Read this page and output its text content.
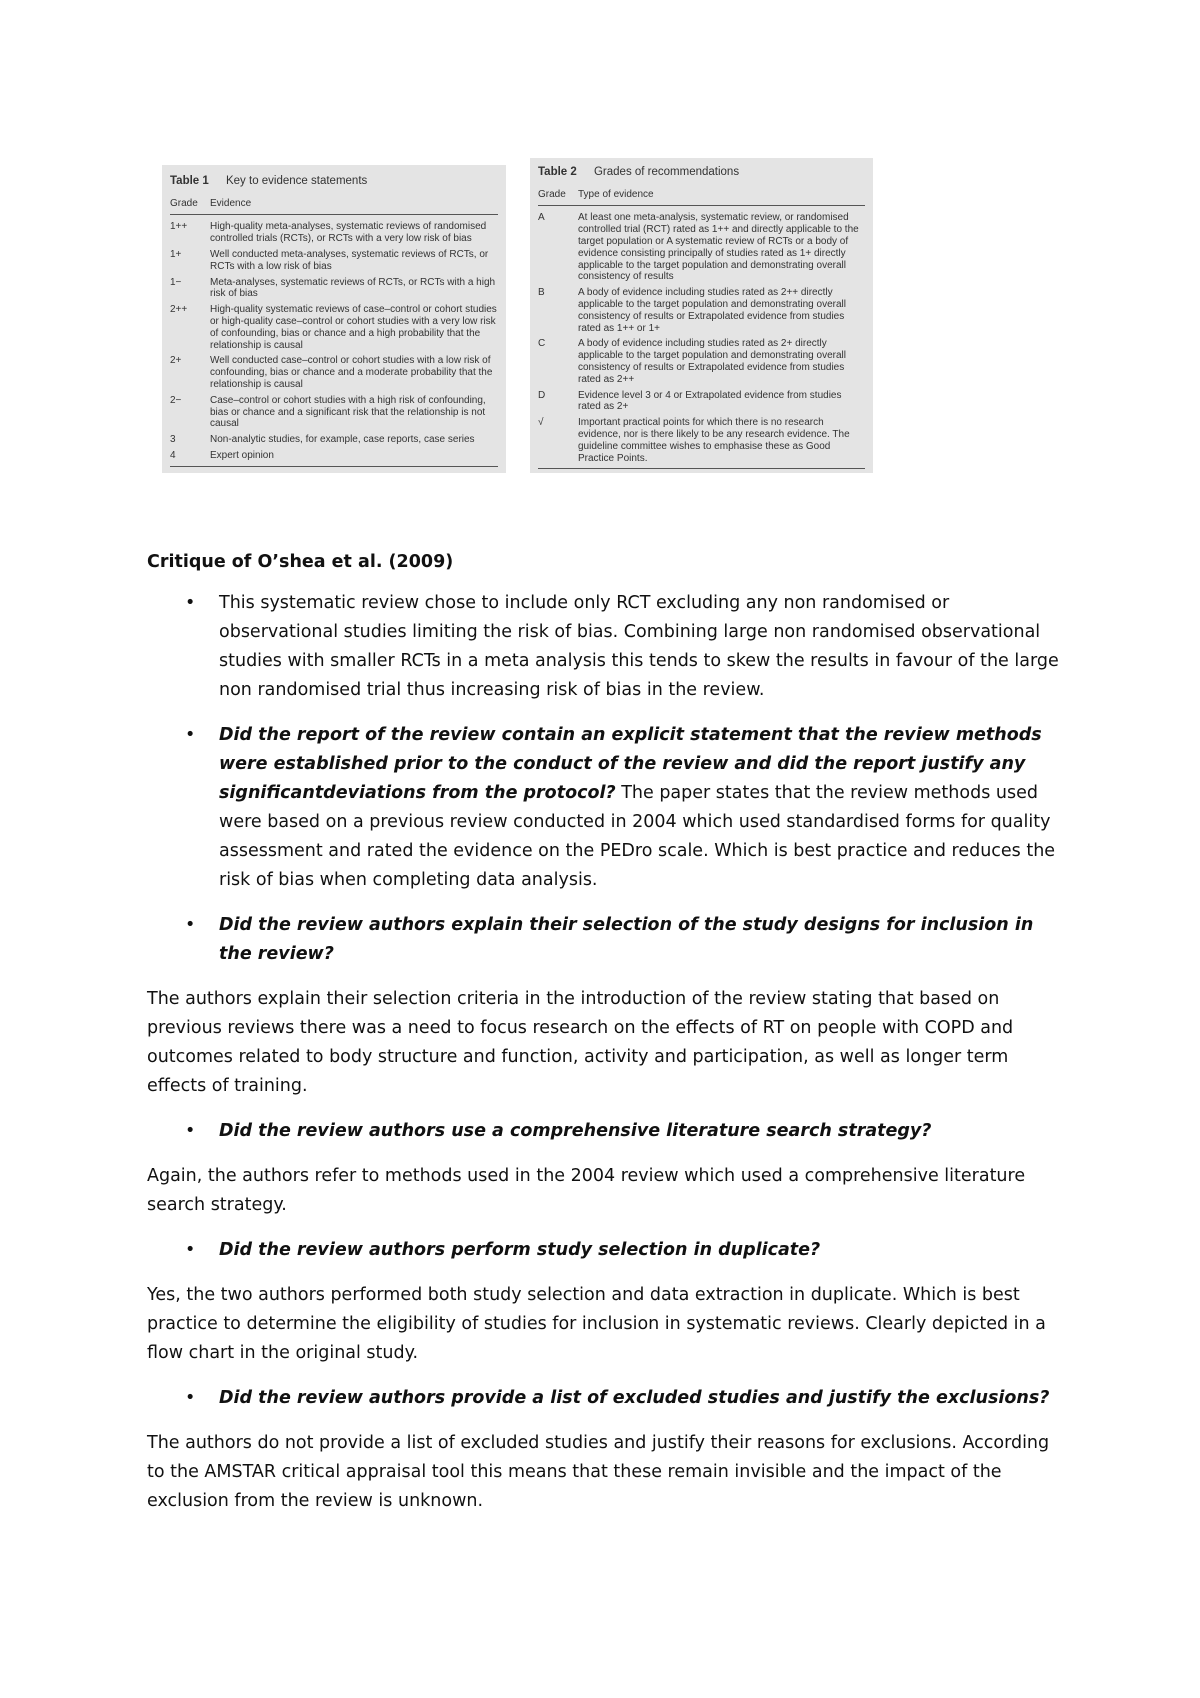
Table 1 Key to evidence statements
Grade	Evidence
1++	High-quality meta-analyses, systematic reviews of randomised controlled trials (RCTs), or RCTs with a very low risk of bias
1+	Well conducted meta-analyses, systematic reviews of RCTs, or RCTs with a low risk of bias
1−	Meta-analyses, systematic reviews of RCTs, or RCTs with a high risk of bias
2++	High-quality systematic reviews of case–control or cohort studies or high-quality case–control or cohort studies with a very low risk of confounding, bias or chance and a high probability that the relationship is causal
2+	Well conducted case–control or cohort studies with a low risk of confounding, bias or chance and a moderate probability that the relationship is causal
2−	Case–control or cohort studies with a high risk of confounding, bias or chance and a significant risk that the relationship is not causal
3	Non-analytic studies, for example, case reports, case series
4	Expert opinion
Table 2 Grades of recommendations
Grade	Type of evidence
A	At least one meta-analysis, systematic review, or randomised controlled trial (RCT) rated as 1++ and directly applicable to the target population or A systematic review of RCTs or a body of evidence consisting principally of studies rated as 1+ directly applicable to the target population and demonstrating overall consistency of results
B	A body of evidence including studies rated as 2++ directly applicable to the target population and demonstrating overall consistency of results or Extrapolated evidence from studies rated as 1++ or 1+
C	A body of evidence including studies rated as 2+ directly applicable to the target population and demonstrating overall consistency of results or Extrapolated evidence from studies rated as 2++
D	Evidence level 3 or 4 or Extrapolated evidence from studies rated as 2+
√	Important practical points for which there is no research evidence, nor is there likely to be any research evidence. The guideline committee wishes to emphasise these as Good Practice Points.

Critique of O’shea et al. (2009)

• This systematic review chose to include only RCT excluding any non randomised or observational studies limiting the risk of bias. Combining large non randomised observational studies with smaller RCTs in a meta analysis this tends to skew the results in favour of the large non randomised trial thus increasing risk of bias in the review.
• Did the report of the review contain an explicit statement that the review methods were established prior to the conduct of the review and did the report justify any significantdeviations from the protocol? The paper states that the review methods used were based on a previous review conducted in 2004 which used standardised forms for quality assessment and rated the evidence on the PEDro scale. Which is best practice and reduces the risk of bias when completing data analysis.
• Did the review authors explain their selection of the study designs for inclusion in the review?

The authors explain their selection criteria in the introduction of the review stating that based on previous reviews there was a need to focus research on the effects of RT on people with COPD and outcomes related to body structure and function, activity and participation, as well as longer term effects of training.

• Did the review authors use a comprehensive literature search strategy?

Again, the authors refer to methods used in the 2004 review which used a comprehensive literature search strategy.

• Did the review authors perform study selection in duplicate?

Yes, the two authors performed both study selection and data extraction in duplicate. Which is best practice to determine the eligibility of studies for inclusion in systematic reviews. Clearly depicted in a flow chart in the original study.

• Did the review authors provide a list of excluded studies and justify the exclusions?

The authors do not provide a list of excluded studies and justify their reasons for exclusions. According to the AMSTAR critical appraisal tool this means that these remain invisible and the impact of the exclusion from the review is unknown.
